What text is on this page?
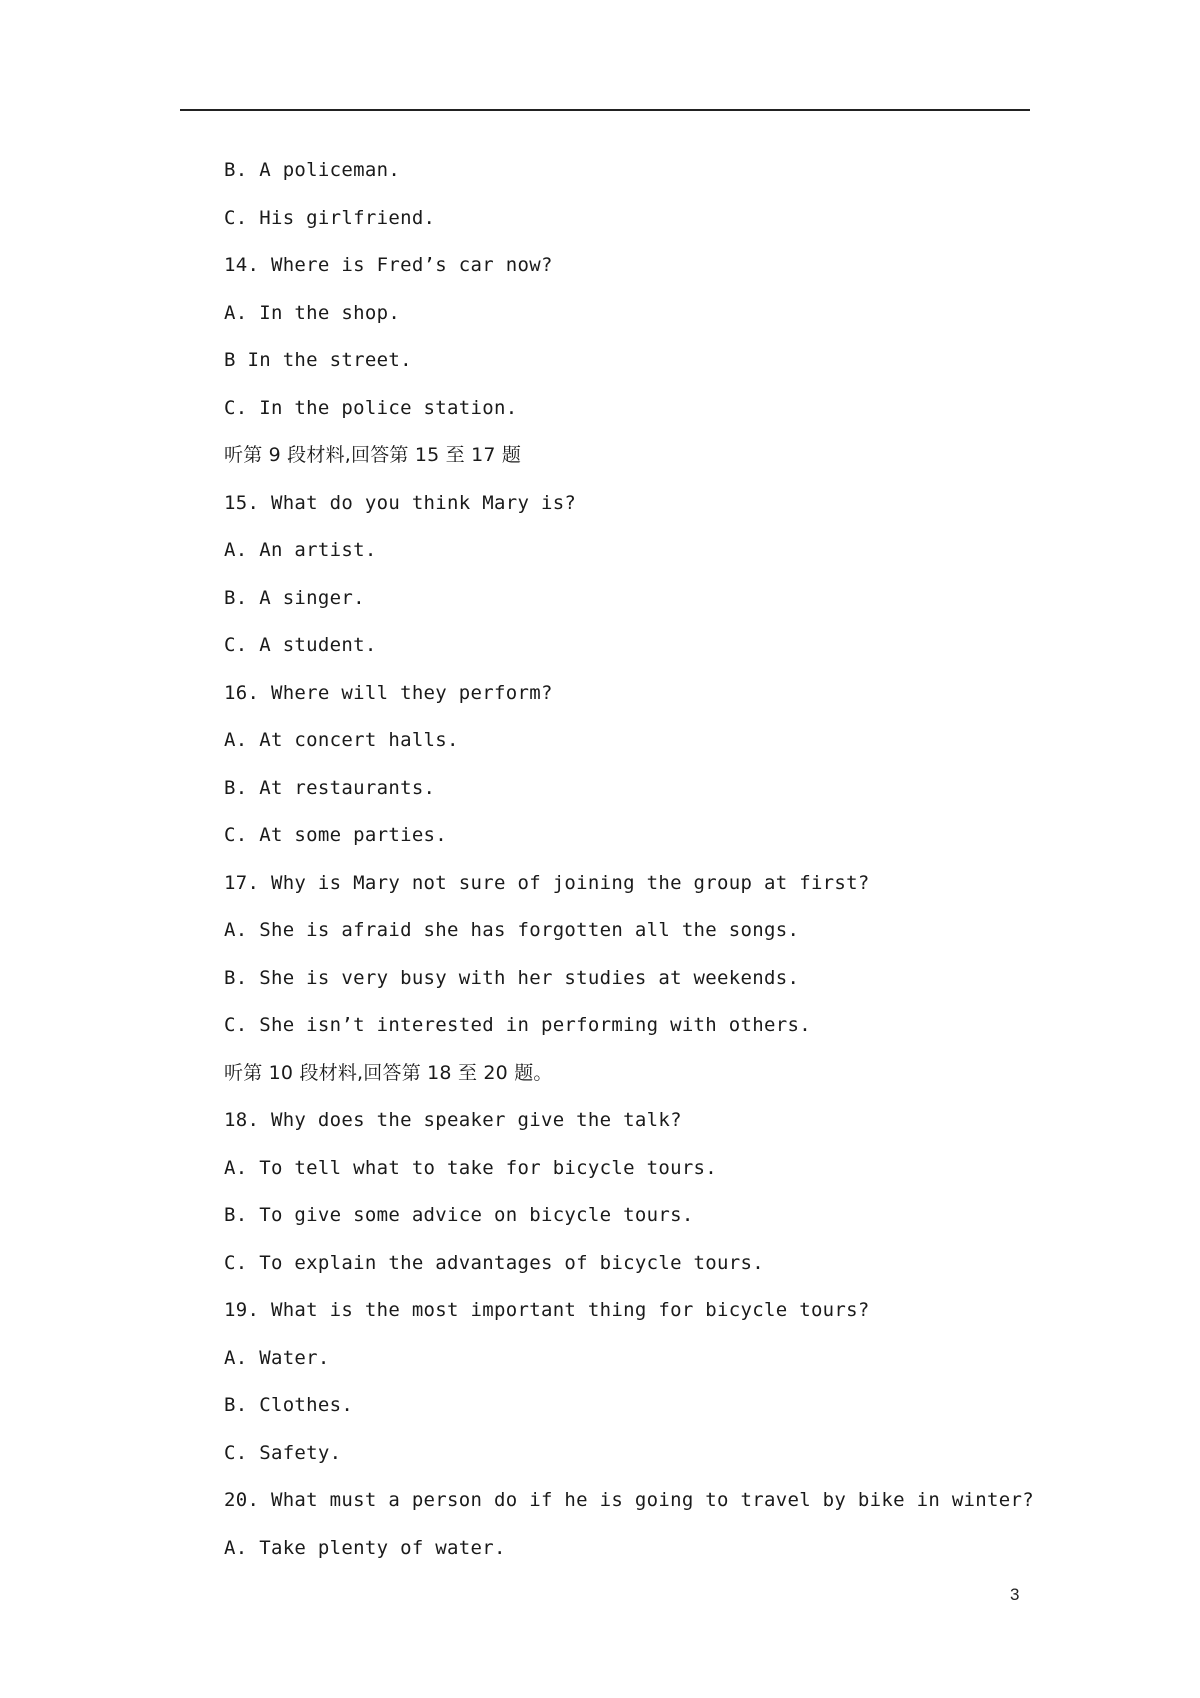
B. A policeman.
C. His girlfriend.
14. Where is Fred’s car now?
A. In the shop.
B In the street.
C. In the police station.
听第 9 段材料,回答第 15 至 17 题
15. What do you think Mary is?
A. An artist.
B. A singer.
C. A student.
16. Where will they perform?
A. At concert halls.
B. At restaurants.
C. At some parties.
17. Why is Mary not sure of joining the group at first?
A. She is afraid she has forgotten all the songs.
B. She is very busy with her studies at weekends.
C. She isn’t interested in performing with others.
听第 10 段材料,回答第 18 至 20 题。
18. Why does the speaker give the talk?
A. To tell what to take for bicycle tours.
B. To give some advice on bicycle tours.
C. To explain the advantages of bicycle tours.
19. What is the most important thing for bicycle tours?
A. Water.
B. Clothes.
C. Safety.
20. What must a person do if he is going to travel by bike in winter?
A. Take plenty of water.
3
